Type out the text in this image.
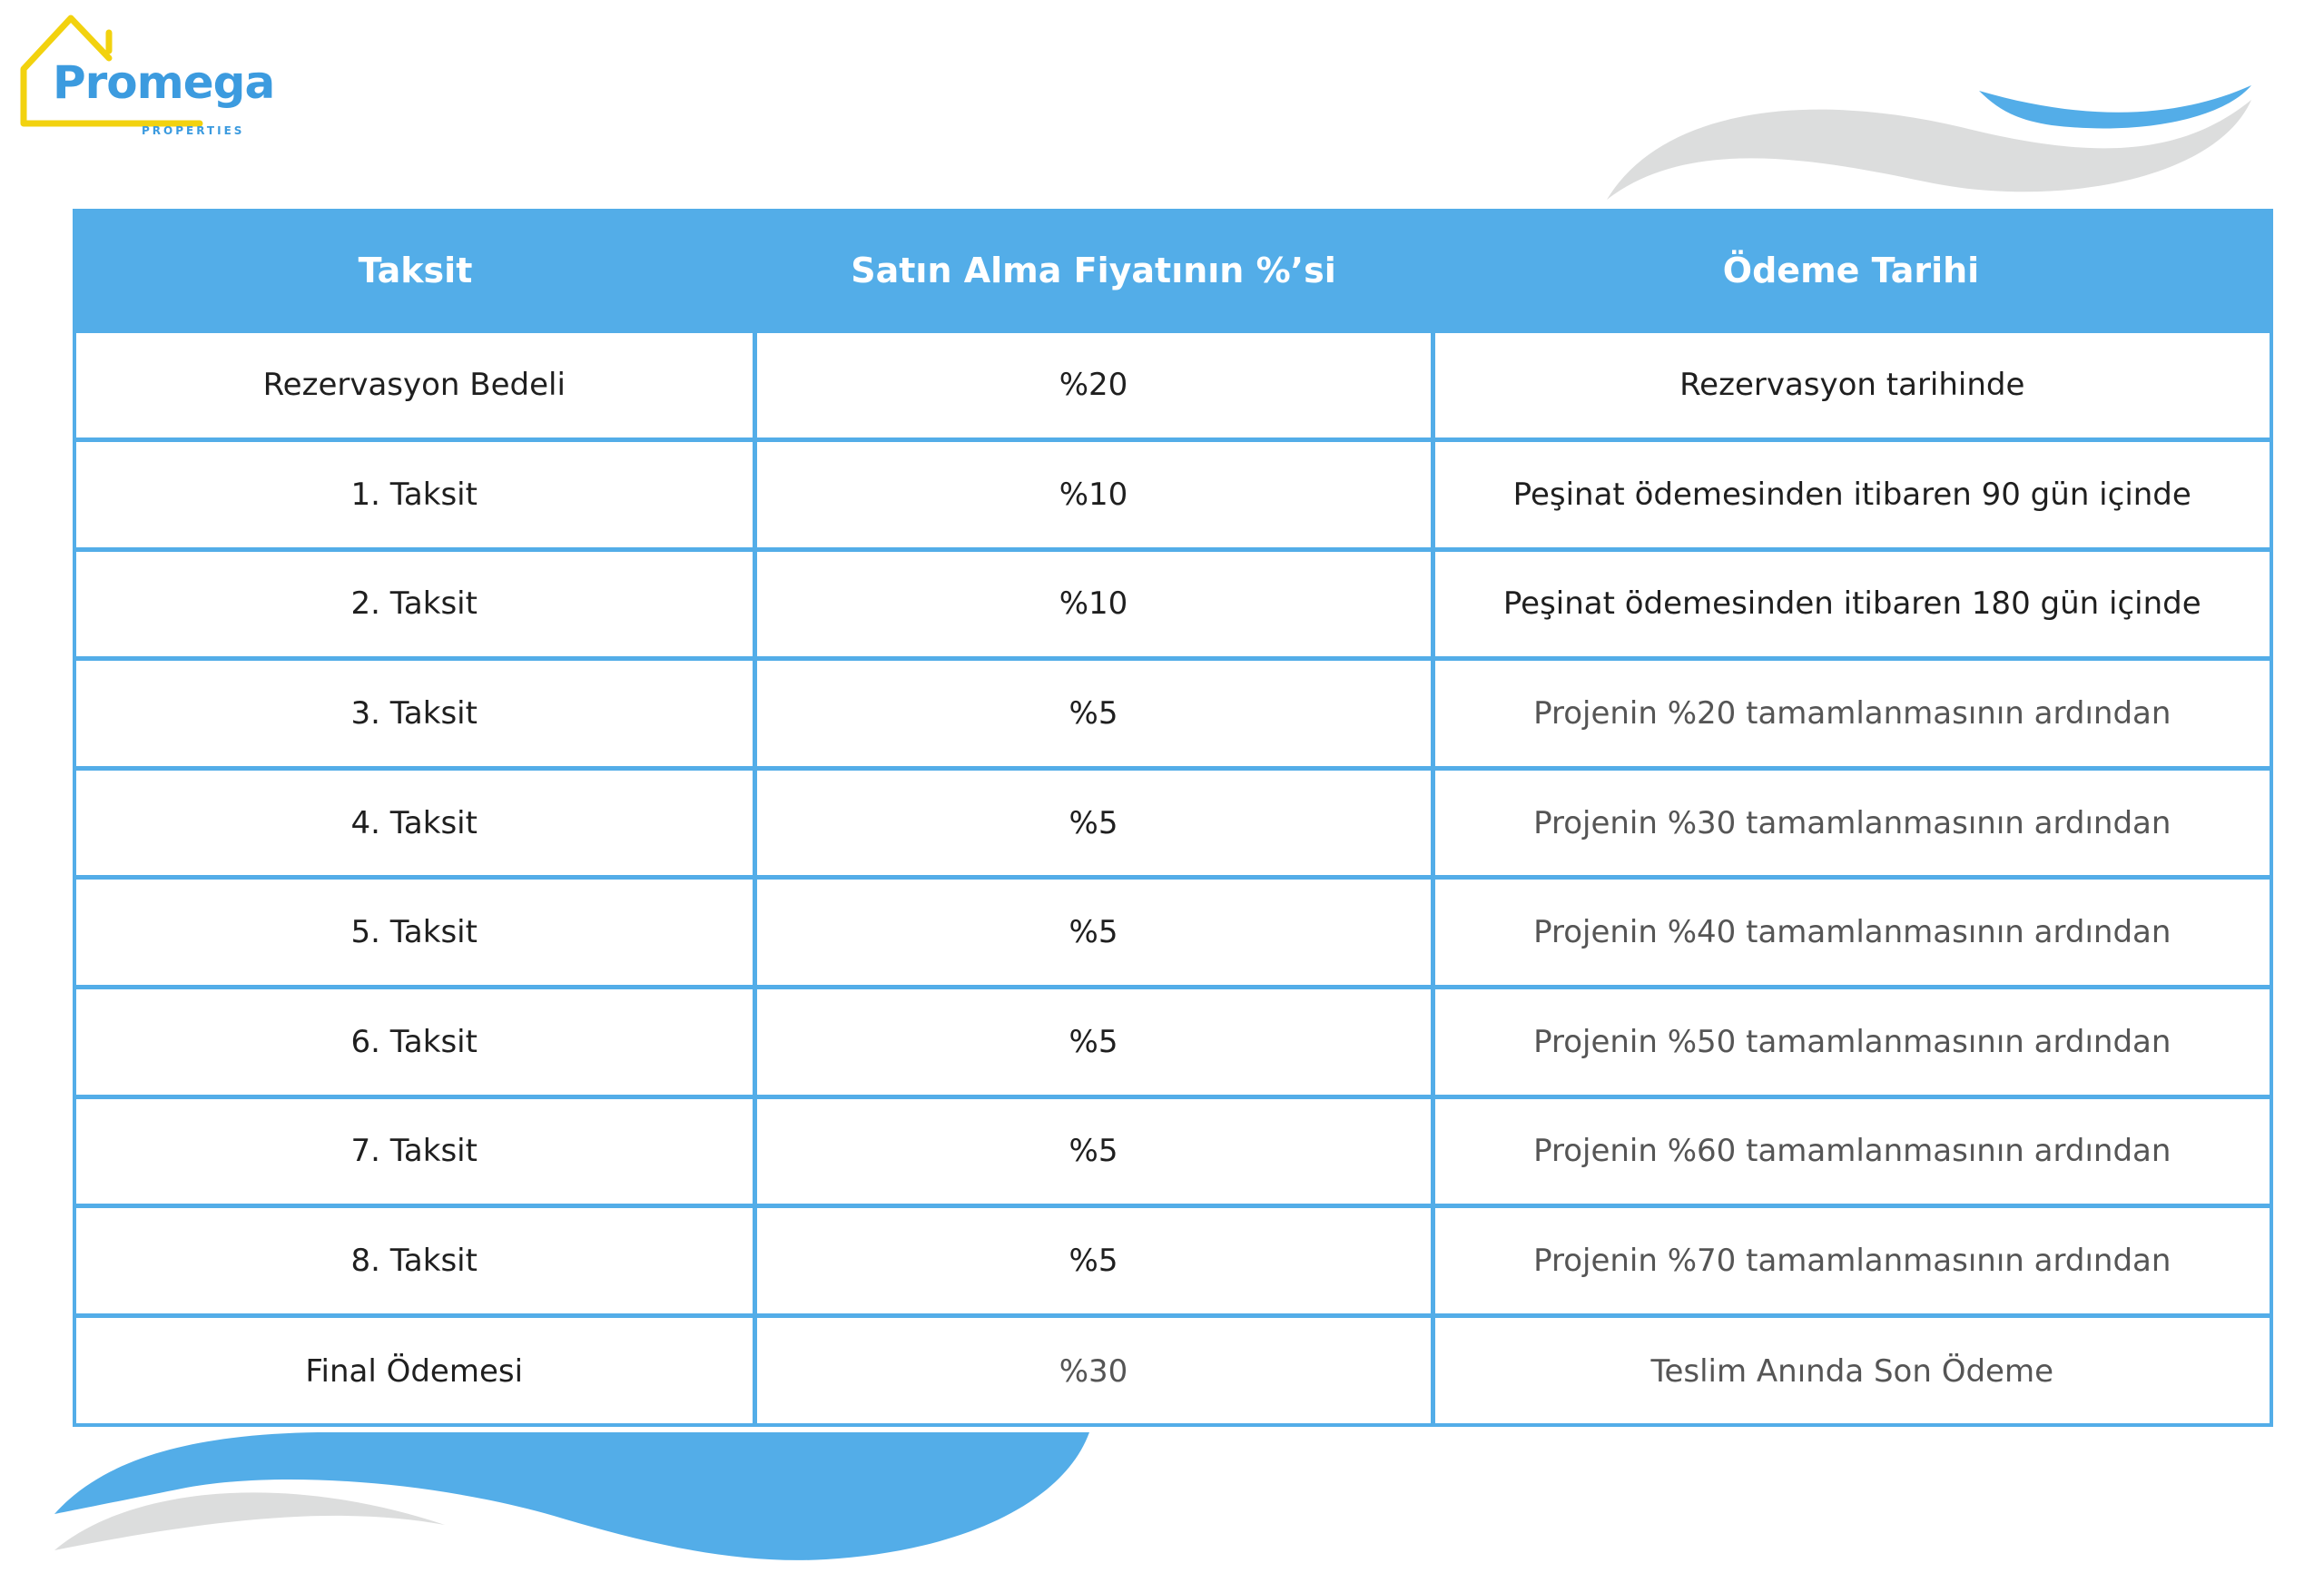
Promega
PROPERTIES
Taksit	Satın Alma Fiyatının %’si	Ödeme Tarihi
Rezervasyon Bedeli	%20	Rezervasyon tarihinde
1. Taksit	%10	Peşinat ödemesinden itibaren 90 gün içinde
2. Taksit	%10	Peşinat ödemesinden itibaren 180 gün içinde
3. Taksit	%5	Projenin %20 tamamlanmasının ardından
4. Taksit	%5	Projenin %30 tamamlanmasının ardından
5. Taksit	%5	Projenin %40 tamamlanmasının ardından
6. Taksit	%5	Projenin %50 tamamlanmasının ardından
7. Taksit	%5	Projenin %60 tamamlanmasının ardından
8. Taksit	%5	Projenin %70 tamamlanmasının ardından
Final Ödemesi	%30	Teslim Anında Son Ödeme
